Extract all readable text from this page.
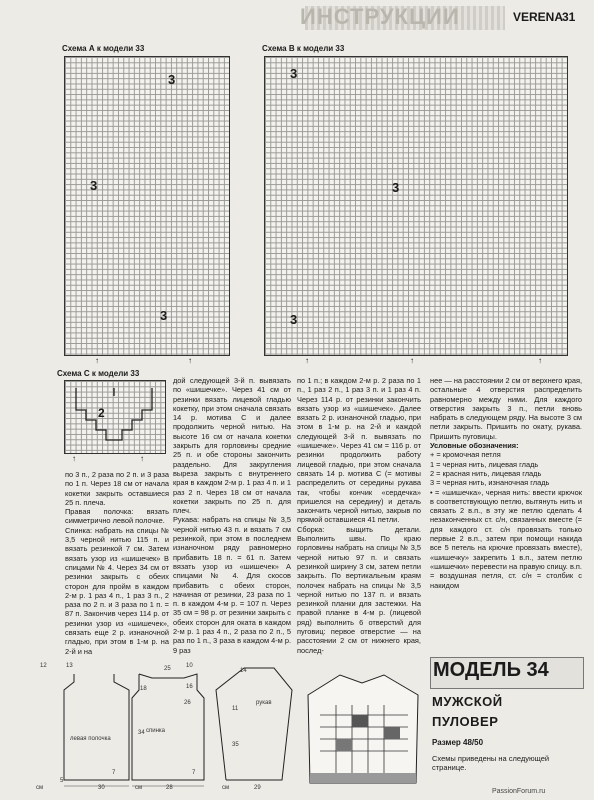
ИНСТРУКЦИИ	VERENA
31
Схема А к модели 33
3
3
3
↑	↑
Схема В к модели 33
3
3
3
↑	↑	↑
Схема С к модели 33
2
↑	↑

по 3 п., 2 раза по 2 п. и 3 раза по 1 п. Через 18 см от начала кокетки закрыть оставшиеся 25 п. плеча.

Правая полочка: вязать симметрично левой полочке.

Спинка: набрать на спицы № 3,5 черной нитью 115 п. и вязать резинкой 7 см. Затем вязать узор из «шишечек» В спицами № 4. Через 34 см от резинки закрыть с обеих сторон для пройм в каждом 2-м р. 1 раз 4 п., 1 раз 3 п., 2 раза по 2 п. и 3 раза по 1 п. = 87 п. Закончив через 114 р. от резинки узор из «шишечек», связать еще 2 р. изнаночной гладью, при этом в 1-м р. на 2-й и на

дой следующей 3-й п. вывязать по «шишечке». Через 41 см от резинки вязать лицевой гладью кокетку, при этом сначала связать 14 р. мотива С и далее продолжить черной нитью. На высоте 16 см от начала кокетки закрыть для горловины средние 25 п. и обе стороны закончить раздельно. Для закругления выреза закрыть с внутреннего края в каждом 2-м р. 1 раз 4 п. и 1 раз 2 п. Через 18 см от начала кокетки закрыть по 25 п. для плеч.

Рукава: набрать на спицы № 3,5 черной нитью 43 п. и вязать 7 см резинкой, при этом в последнем изнаночном ряду равномерно прибавить 18 п. = 61 п. Затем вязать узор из «шишечек» А спицами № 4. Для скосов прибавить с обеих сторон, начиная от резинки, 23 раза по 1 п. в каждом 4-м р. = 107 п. Через 35 см = 98 р. от резинки закрыть с обеих сторон для оката в каждом 2-м р. 1 раз 4 п., 2 раза по 2 п., 5 раз по 1 п., 3 раза в каждом 4-м р. 9 раз

по 1 п.; в каждом 2-м р. 2 раза по 1 п., 1 раз 2 п., 1 раз 3 п. и 1 раз 4 п. Через 114 р. от резинки закончить вязать узор из «шишечек». Далее вязать 2 р. изнаночной гладью, при этом в 1-м р. на 2-й и каждой следующей 3-й п. вывязать по «шишечке». Через 41 см = 116 р. от резинки продолжить работу лицевой гладью, при этом сначала связать 14 р. мотива С (= мотивы распределить от середины рукава так, чтобы кончик «сердечка» пришелся на середину) и деталь закончить черной нитью, закрыв по прямой оставшиеся 41 петли.

Сборка: выщить детали. Выполнить швы. По краю горловины набрать на спицы № 3,5 черной нитью 97 п. и связать резинкой ширину 3 см, затем петли закрыть. По вертикальным краям полочек набрать на спицы № 3,5 черной нитью по 137 п. и вязать резинкой планки для застежки. На правой планке в 4-м р. (лицевой ряд) выполнить 6 отверстий для пуговиц: первое отверстие — на расстоянии 2 см от нижнего края, послед-

нее — на расстоянии 2 см от верхнего края, остальные 4 отверстия распределить равномерно между ними. Для каждого отверстия закрыть 3 п., петли вновь набрать в следующем ряду. На высоте 3 см петли закрыть. Пришить по окату, рукава. Пришить пуговицы.

Условные обозначения:

+ = кромочная петля

1 = черная нить, лицевая гладь

2 = красная нить, лицевая гладь

3 = черная нить, изнаночная гладь

• = «шишечка», черная нить: ввести крючок в соответствующую петлю, вытянуть нить и связать 2 в.п., в эту же петлю сделать 4 незаконченных ст. с/н, связанных вместе (= для каждого ст. с/н провязать только первые 2 в.п., затем при помощи накида все 5 петель на крючке провязать вместе), «шишечку» закрепить 1 в.п., затем петлю «шишечки» перевести на правую спицу. в.п. = воздушная петля, ст. с/н = столбик с накидом

левая полочка
спинка
рукав
30	28
25
29
см	см	см
12	13	10
34
35
18
26
11
7	7
14
5
16
МОДЕЛЬ 34
МУЖСКОЙ
ПУЛОВЕР
Размер 48/50
Схемы приведены на следующей странице.
PassionForum.ru
